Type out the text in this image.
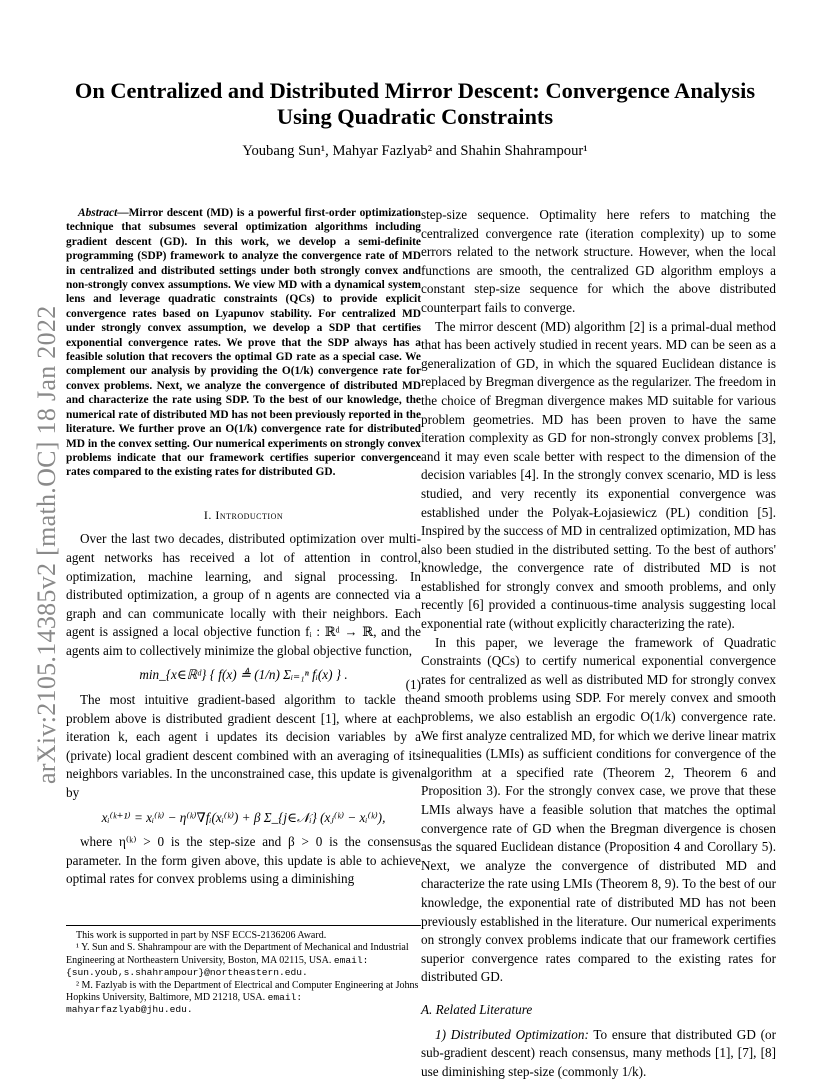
arXiv:2105.14385v2 [math.OC] 18 Jan 2022
On Centralized and Distributed Mirror Descent: Convergence Analysis Using Quadratic Constraints
Youbang Sun¹, Mahyar Fazlyab² and Shahin Shahrampour¹

Abstract—Mirror descent (MD) is a powerful first-order optimization technique that subsumes several optimization algorithms including gradient descent (GD). In this work, we develop a semi-definite programming (SDP) framework to analyze the convergence rate of MD in centralized and distributed settings under both strongly convex and non-strongly convex assumptions. We view MD with a dynamical system lens and leverage quadratic constraints (QCs) to provide explicit convergence rates based on Lyapunov stability. For centralized MD under strongly convex assumption, we develop a SDP that certifies exponential convergence rates. We prove that the SDP always has a feasible solution that recovers the optimal GD rate as a special case. We complement our analysis by providing the O(1/k) convergence rate for convex problems. Next, we analyze the convergence of distributed MD and characterize the rate using SDP. To the best of our knowledge, the numerical rate of distributed MD has not been previously reported in the literature. We further prove an O(1/k) convergence rate for distributed MD in the convex setting. Our numerical experiments on strongly convex problems indicate that our framework certifies superior convergence rates compared to the existing rates for distributed GD.

I. Introduction

Over the last two decades, distributed optimization over multi-agent networks has received a lot of attention in control, optimization, machine learning, and signal processing. In distributed optimization, a group of n agents are connected via a graph and can communicate locally with their neighbors. Each agent is assigned a local objective function fᵢ : ℝᵈ → ℝ, and the agents aim to collectively minimize the global objective function,

min_{x∈ℝᵈ} { f(x) ≜ (1/n) Σᵢ₌₁ⁿ fᵢ(x) } .
(1)

The most intuitive gradient-based algorithm to tackle the problem above is distributed gradient descent [1], where at each iteration k, each agent i updates its decision variables by a (private) local gradient descent combined with an averaging of its neighbors variables. In the unconstrained case, this update is given by

xᵢ⁽ᵏ⁺¹⁾ = xᵢ⁽ᵏ⁾ − η⁽ᵏ⁾∇fᵢ(xᵢ⁽ᵏ⁾) + β Σ_{j∈𝒩ᵢ} (xⱼ⁽ᵏ⁾ − xᵢ⁽ᵏ⁾),

where η⁽ᵏ⁾ > 0 is the step-size and β > 0 is the consensus parameter. In the form given above, this update is able to achieve optimal rates for convex problems using a diminishing

This work is supported in part by NSF ECCS-2136206 Award.
¹ Y. Sun and S. Shahrampour are with the Department of Mechanical and Industrial Engineering at Northeastern University, Boston, MA 02115, USA. email:{sun.youb,s.shahrampour}@northeastern.edu.
² M. Fazlyab is with the Department of Electrical and Computer Engineering at Johns Hopkins University, Baltimore, MD 21218, USA. email: mahyarfazlyab@jhu.edu.

step-size sequence. Optimality here refers to matching the centralized convergence rate (iteration complexity) up to some errors related to the network structure. However, when the local functions are smooth, the centralized GD algorithm employs a constant step-size sequence for which the above distributed counterpart fails to converge.

The mirror descent (MD) algorithm [2] is a primal-dual method that has been actively studied in recent years. MD can be seen as a generalization of GD, in which the squared Euclidean distance is replaced by Bregman divergence as the regularizer. The freedom in the choice of Bregman divergence makes MD suitable for various problem geometries. MD has been proven to have the same iteration complexity as GD for non-strongly convex problems [3], and it may even scale better with respect to the dimension of the decision variables [4]. In the strongly convex scenario, MD is less studied, and very recently its exponential convergence was established under the Polyak-Łojasiewicz (PL) condition [5]. Inspired by the success of MD in centralized optimization, MD has also been studied in the distributed setting. To the best of authors' knowledge, the convergence rate of distributed MD is not established for strongly convex and smooth problems, and only recently [6] provided a continuous-time analysis suggesting local exponential rate (without explicitly characterizing the rate).

In this paper, we leverage the framework of Quadratic Constraints (QCs) to certify numerical exponential convergence rates for centralized as well as distributed MD for strongly convex and smooth problems using SDP. For merely convex and smooth problems, we also establish an ergodic O(1/k) convergence rate. We first analyze centralized MD, for which we derive linear matrix inequalities (LMIs) as sufficient conditions for convergence of the algorithm at a specified rate (Theorem 2, Theorem 6 and Proposition 3). For the strongly convex case, we prove that these LMIs always have a feasible solution that matches the optimal convergence rate of GD when the Bregman divergence is chosen as the squared Euclidean distance (Proposition 4 and Corollary 5). Next, we analyze the convergence of distributed MD and characterize the rate using LMIs (Theorem 8, 9). To the best of our knowledge, the exponential rate of distributed MD has not been previously established in the literature. Our numerical experiments on strongly convex problems indicate that our framework certifies superior convergence rates compared to the existing rates for distributed GD.

A. Related Literature

1) Distributed Optimization: To ensure that distributed GD (or sub-gradient descent) reach consensus, many methods [1], [7], [8] use diminishing step-size (commonly 1/k).
